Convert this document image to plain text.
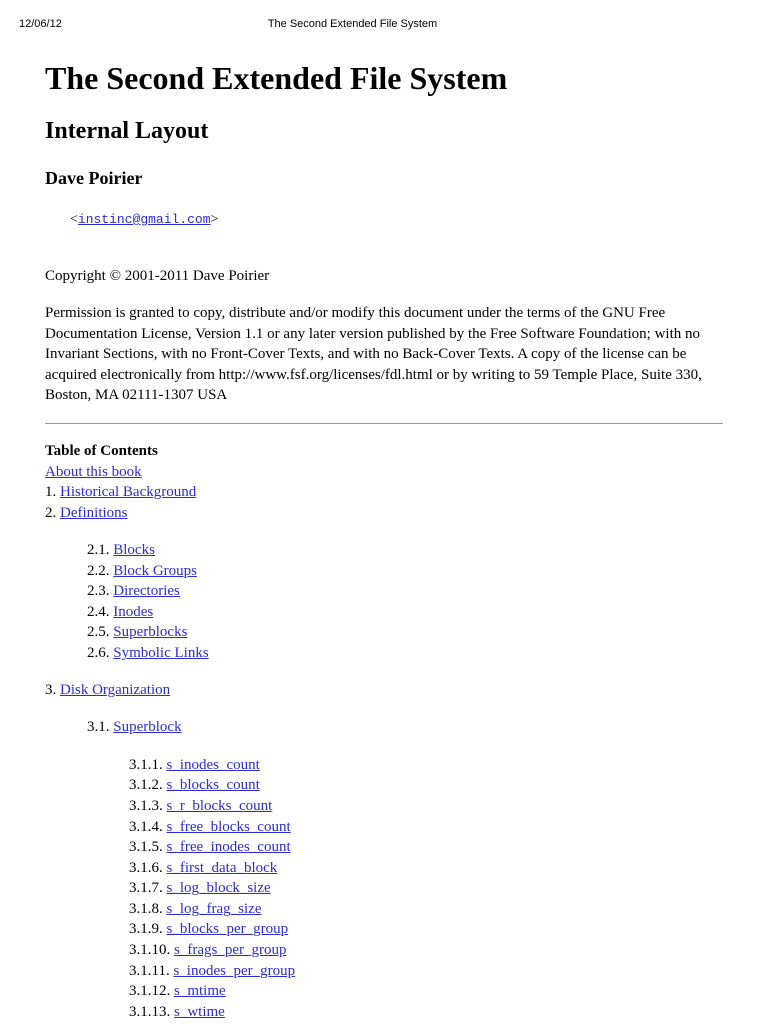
12/06/12	The Second Extended File System
The Second Extended File System
Internal Layout
Dave Poirier
<instinc@gmail.com>
Copyright © 2001-2011 Dave Poirier

Permission is granted to copy, distribute and/or modify this document under the terms of the GNU Free Documentation License, Version 1.1 or any later version published by the Free Software Foundation; with no Invariant Sections, with no Front-Cover Texts, and with no Back-Cover Texts. A copy of the license can be acquired electronically from http://www.fsf.org/licenses/fdl.html or by writing to 59 Temple Place, Suite 330, Boston, MA 02111-1307 USA

Table of Contents
About this book
1. Historical Background
2. Definitions
2.1. Blocks
2.2. Block Groups
2.3. Directories
2.4. Inodes
2.5. Superblocks
2.6. Symbolic Links
3. Disk Organization
3.1. Superblock
3.1.1. s_inodes_count
3.1.2. s_blocks_count
3.1.3. s_r_blocks_count
3.1.4. s_free_blocks_count
3.1.5. s_free_inodes_count
3.1.6. s_first_data_block
3.1.7. s_log_block_size
3.1.8. s_log_frag_size
3.1.9. s_blocks_per_group
3.1.10. s_frags_per_group
3.1.11. s_inodes_per_group
3.1.12. s_mtime
3.1.13. s_wtime
